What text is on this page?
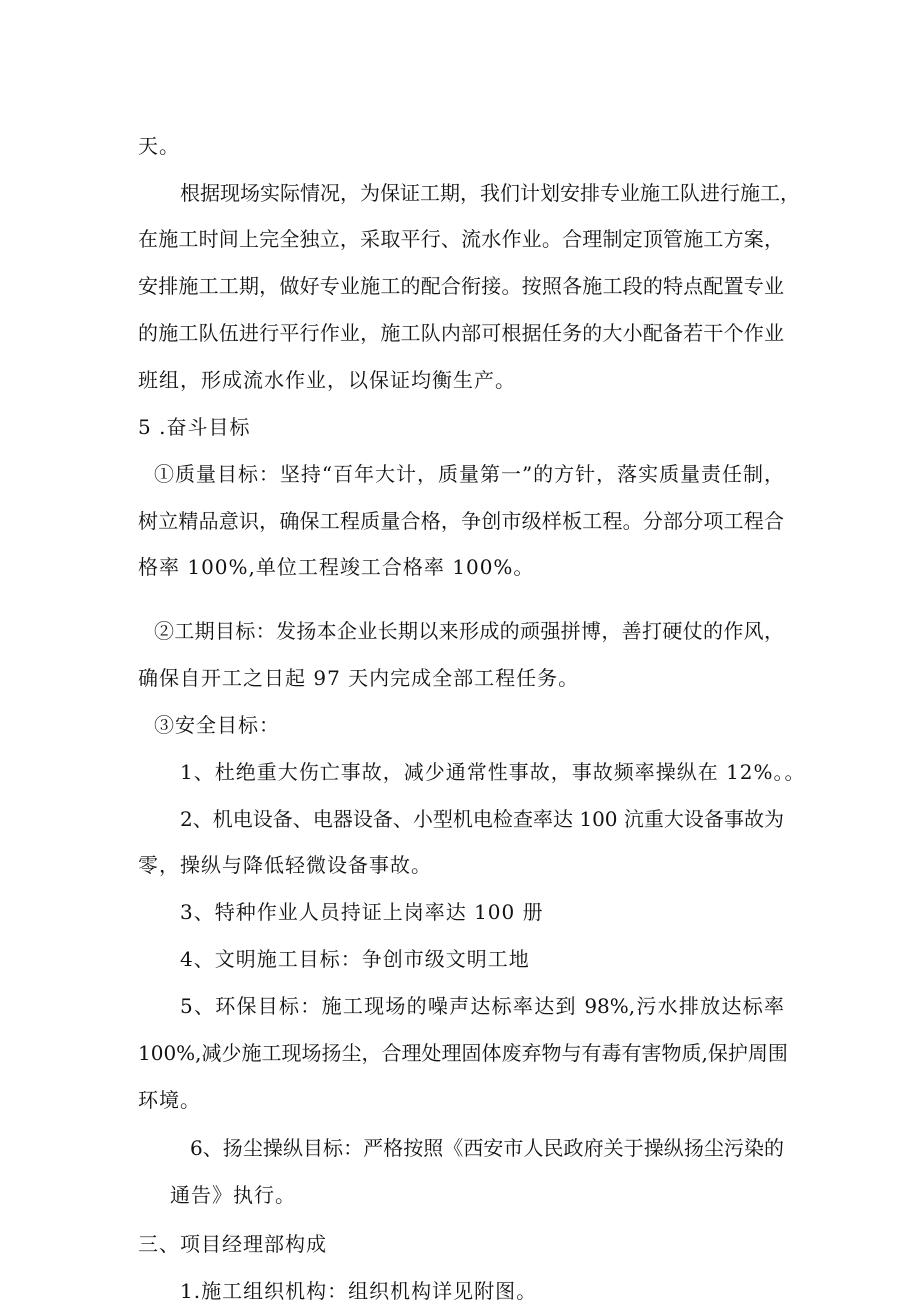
天。

根据现场实际情况，为保证工期，我们计划安排专业施工队进行施工，

在施工时间上完全独立，采取平行、流水作业。合理制定顶管施工方案，

安排施工工期，做好专业施工的配合衔接。按照各施工段的特点配置专业

的施工队伍进行平行作业，施工队内部可根据任务的大小配备若干个作业

班组，形成流水作业，以保证均衡生产。

5 .奋斗目标

①质量目标：坚持“百年大计，质量第一”的方针，落实质量责任制，

树立精品意识，确保工程质量合格，争创市级样板工程。分部分项工程合

格率 100%,单位工程竣工合格率 100%。

②工期目标：发扬本企业长期以来形成的顽强拼博，善打硬仗的作风，

确保自开工之日起 97 天内完成全部工程任务。

③安全目标：

1、杜绝重大伤亡事故，减少通常性事故，事故频率操纵在 12%。。

2、机电设备、电器设备、小型机电检查率达 100 沆重大设备事故为

零，操纵与降低轻微设备事故。

3、特种作业人员持证上岗率达 100 册

4、文明施工目标：争创市级文明工地

5、环保目标：施工现场的噪声达标率达到 98%,污水排放达标率

100%,减少施工现场扬尘，合理处理固体废弃物与有毒有害物质,保护周围

环境。

6、扬尘操纵目标：严格按照《西安市人民政府关于操纵扬尘污染的

通告》执行。

三、项目经理部构成

1.施工组织机构：组织机构详见附图。
